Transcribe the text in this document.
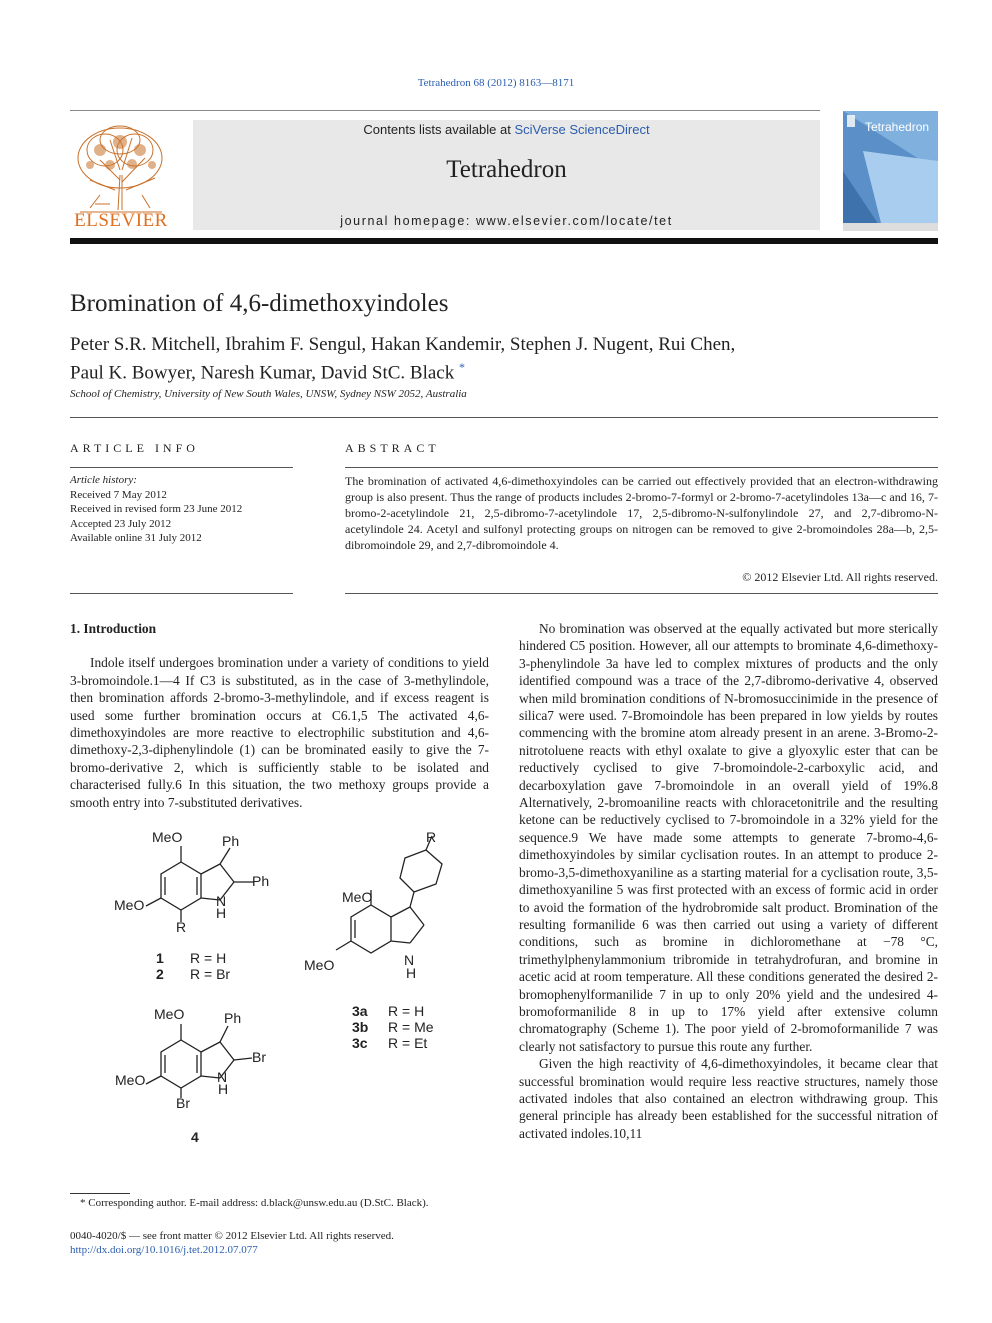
Tetrahedron 68 (2012) 8163—8171
ELSEVIER
Contents lists available at SciVerse ScienceDirect
Tetrahedron
journal homepage: www.elsevier.com/locate/tet
Tetrahedron
Bromination of 4,6-dimethoxyindoles
Peter S.R. Mitchell, Ibrahim F. Sengul, Hakan Kandemir, Stephen J. Nugent, Rui Chen,
Paul K. Bowyer, Naresh Kumar, David StC. Black *
School of Chemistry, University of New South Wales, UNSW, Sydney NSW 2052, Australia
ARTICLE INFO
Article history:
Received 7 May 2012
Received in revised form 23 June 2012
Accepted 23 July 2012
Available online 31 July 2012
ABSTRACT
The bromination of activated 4,6-dimethoxyindoles can be carried out effectively provided that an electron-withdrawing group is also present. Thus the range of products includes 2-bromo-7-formyl or 2-bromo-7-acetylindoles 13a—c and 16, 7-bromo-2-acetylindole 21, 2,5-dibromo-7-acetylindole 17, 2,5-dibromo-N-sulfonylindole 27, and 2,7-dibromo-N-acetylindole 24. Acetyl and sulfonyl protecting groups on nitrogen can be removed to give 2-bromoindoles 28a—b, 2,5-dibromoindole 29, and 2,7-dibromoindole 4.
© 2012 Elsevier Ltd. All rights reserved.

1. Introduction

Indole itself undergoes bromination under a variety of conditions to yield 3-bromoindole.1—4 If C3 is substituted, as in the case of 3-methylindole, then bromination affords 2-bromo-3-methylindole, and if excess reagent is used some further bromination occurs at C6.1,5 The activated 4,6-dimethoxyindoles are more reactive to electrophilic substitution and 4,6-dimethoxy-2,3-diphenylindole (1) can be brominated easily to give the 7-bromo-derivative 2, which is sufficiently stable to be isolated and characterised fully.6 In this situation, the two methoxy groups provide a smooth entry into 7-substituted derivatives.

MeO	Ph
Ph
MeO	N
H
R
1 R = H
2 R = Br
R
MeO
MeO	N
H
3a R = H
3b R = Me
3c R = Et
MeO	Ph
Br
MeO	N
H
Br
4

No bromination was observed at the equally activated but more sterically hindered C5 position. However, all our attempts to brominate 4,6-dimethoxy-3-phenylindole 3a have led to complex mixtures of products and the only identified compound was a trace of the 2,7-dibromo-derivative 4, observed when mild bromination conditions of N-bromosuccinimide in the presence of silica7 were used. 7-Bromoindole has been prepared in low yields by routes commencing with the bromine atom already present in an arene. 3-Bromo-2-nitrotoluene reacts with ethyl oxalate to give a glyoxylic ester that can be reductively cyclised to give 7-bromoindole-2-carboxylic acid, and decarboxylation gave 7-bromoindole in an overall yield of 19%.8 Alternatively, 2-bromoaniline reacts with chloracetonitrile and the resulting ketone can be reductively cyclised to 7-bromoindole in a 32% yield for the sequence.9 We have made some attempts to generate 7-bromo-4,6-dimethoxyindoles by similar cyclisation routes. In an attempt to produce 2-bromo-3,5-dimethoxyaniline as a starting material for a cyclisation route, 3,5-dimethoxyaniline 5 was first protected with an excess of formic acid in order to avoid the formation of the hydrobromide salt product. Bromination of the resulting formanilide 6 was then carried out using a variety of different conditions, such as bromine in dichloromethane at −78 °C, trimethylphenylammonium tribromide in tetrahydrofuran, and bromine in acetic acid at room temperature. All these conditions generated the desired 2-bromophenylformanilide 7 in up to only 20% yield and the undesired 4-bromoformanilide 8 in up to 17% yield after extensive column chromatography (Scheme 1). The poor yield of 2-bromoformanilide 7 was clearly not satisfactory to pursue this route any further.

Given the high reactivity of 4,6-dimethoxyindoles, it became clear that successful bromination would require less reactive structures, namely those activated indoles that also contained an electron withdrawing group. This general principle has already been established for the successful nitration of activated indoles.10,11

* Corresponding author. E-mail address: d.black@unsw.edu.au (D.StC. Black).
0040-4020/$ — see front matter © 2012 Elsevier Ltd. All rights reserved.
http://dx.doi.org/10.1016/j.tet.2012.07.077
